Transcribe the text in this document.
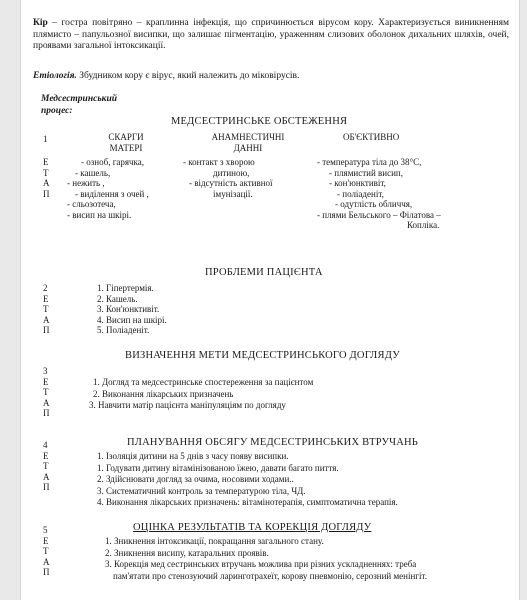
Кір – гостра повітряно – краплинна інфекція, що спричинюється вірусом кору. Характеризується виникненням плямисто – папульозної висипки, що залишає пігментацію, ураженням слизових оболонок дихальних шляхів, очей, проявами загальної інтоксикації.
Етіологія. Збудником кору є вірус, який належить до міковірусів.
Медсестринський
процес:
МЕДСЕСТРИНСЬКЕ ОБСТЕЖЕННЯ
1	СКАРГИ
МАТЕРІ
АНАМНЕСТИЧНІ
ДАННІ
ОБ'ЄКТИВНО
Е
Т
А
П
- озноб, гарячка,
- кашель,
- нежить ,
- виділення з очей ,
- сльозотеча,
- висип на шкірі.
- контакт з хворою
дитиною,
- відсутність активної
імунізації.
- температура тіла до 38°С,
- плямистий висип,
- кон'юнктивіт,
- поліаденіт,
- одутлість обличчя,
- плями Бельського – Філатова –
Копліка.
ПРОБЛЕМИ ПАЦІЄНТА
2
Е
Т
А
П
1. Гіпертермія.
2. Кашель.
3. Кон'юнктивіт.
4. Висип на шкірі.
5. Поліаденіт.
ВИЗНАЧЕННЯ МЕТИ МЕДСЕСТРИНСЬКОГО ДОГЛЯДУ
3
Е
Т
А
П
1. Догляд та медсестринське спостереження за пацієнтом
2. Виконання лікарських призначень
3. Навчити матір пацієнта маніпуляціям по догляду
ПЛАНУВАННЯ ОБСЯГУ МЕДСЕСТРИНСЬКИХ ВТРУЧАНЬ
4
Е
Т
А
П
1. Ізоляція дитини на 5 днів з часу появу висипки.
1. Годувати дитину вітамінізованою їжею, давати багато пиття.
2. Здійснювати догляд за очима, носовими ходами..
3. Систематичний контроль за температурою тіла, ЧД.
4. Виконання лікарських призначень: вітамінотерапія, симптоматична терапія.
ОЦІНКА РЕЗУЛЬТАТІВ ТА КОРЕКЦІЯ ДОГЛЯДУ
5
Е
Т
А
П
1. Зникнення інтоксикації, покращання загального стану.
2. Зникнення висипу, катаральних проявів.
3. Корекція мед сестринських втручань можлива при різних ускладненнях: треба
пам'ятати про стенозуючий ларинготрахеїт, корову пневмонію, серозний менінгіт.
